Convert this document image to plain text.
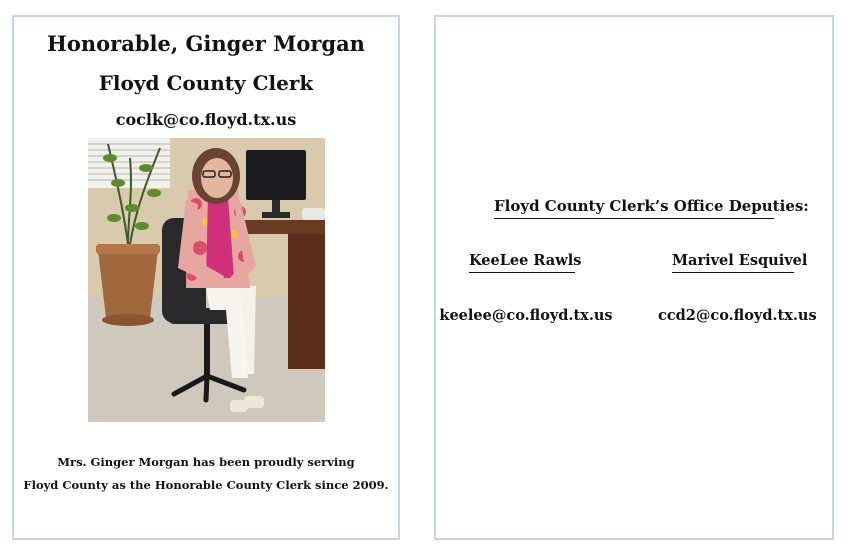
Honorable, Ginger Morgan
Floyd County Clerk
coclk@co.floyd.tx.us
Mrs. Ginger Morgan has been proudly serving
Floyd County as the Honorable County Clerk since 2009.
Floyd County Clerk’s Office Deputies:
KeeLee Rawls	Marivel Esquivel
keelee@co.floyd.tx.us	ccd2@co.floyd.tx.us
